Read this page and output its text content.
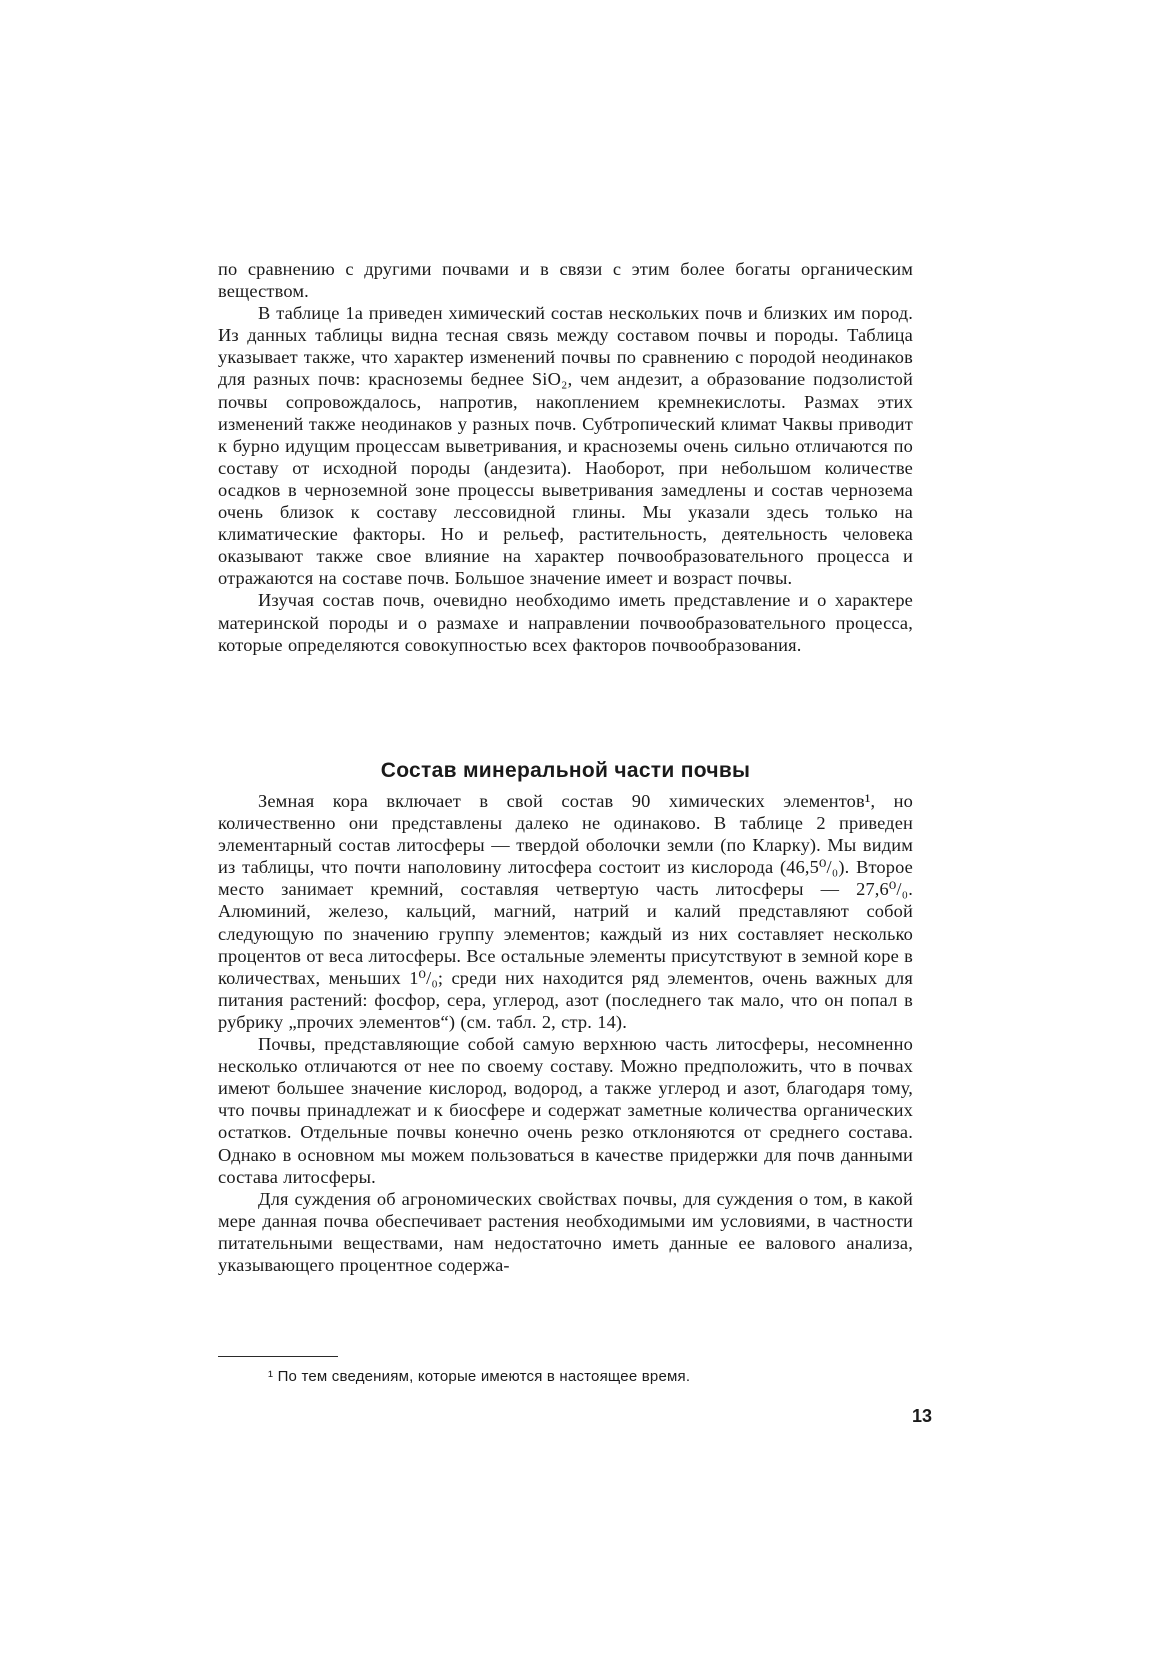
по сравнению с другими почвами и в связи с этим более богаты органическим веществом.

В таблице 1а приведен химический состав нескольких почв и близких им пород. Из данных таблицы видна тесная связь между составом почвы и породы. Таблица указывает также, что характер изменений почвы по сравнению с породой неодинаков для разных почв: красноземы беднее SiO₂, чем андезит, а образование подзолистой почвы сопровождалось, напротив, накоплением кремнекислоты. Размах этих изменений также неодинаков у разных почв. Субтропический климат Чаквы приводит к бурно идущим процессам выветривания, и красноземы очень сильно отличаются по составу от исходной породы (андезита). Наоборот, при небольшом количестве осадков в черноземной зоне процессы выветривания замедлены и состав чернозема очень близок к составу лессовидной глины. Мы указали здесь только на климатические факторы. Но и рельеф, растительность, деятельность человека оказывают также свое влияние на характер почвообразовательного процесса и отражаются на составе почв. Большое значение имеет и возраст почвы.

Изучая состав почв, очевидно необходимо иметь представление и о характере материнской породы и о размахе и направлении почвообразовательного процесса, которые определяются совокупностью всех факторов почвообразования.

Состав минеральной части почвы

Земная кора включает в свой состав 90 химических элементов¹, но количественно они представлены далеко не одинаково. В таблице 2 приведен элементарный состав литосферы — твердой оболочки земли (по Кларку). Мы видим из таблицы, что почти наполовину литосфера состоит из кислорода (46,5⁰/₀). Второе место занимает кремний, составляя четвертую часть литосферы — 27,6⁰/₀. Алюминий, железо, кальций, магний, натрий и калий представляют собой следующую по значению группу элементов; каждый из них составляет несколько процентов от веса литосферы. Все остальные элементы присутствуют в земной коре в количествах, меньших 1⁰/₀; среди них находится ряд элементов, очень важных для питания растений: фосфор, сера, углерод, азот (последнего так мало, что он попал в рубрику „прочих элементов“) (см. табл. 2, стр. 14).

Почвы, представляющие собой самую верхнюю часть литосферы, несомненно несколько отличаются от нее по своему составу. Можно предположить, что в почвах имеют большее значение кислород, водород, а также углерод и азот, благодаря тому, что почвы принадлежат и к биосфере и содержат заметные количества органических остатков. Отдельные почвы конечно очень резко отклоняются от среднего состава. Однако в основном мы можем пользоваться в качестве придержки для почв данными состава литосферы.

Для суждения об агрономических свойствах почвы, для суждения о том, в какой мере данная почва обеспечивает растения необходимыми им условиями, в частности питательными веществами, нам недостаточно иметь данные ее валового анализа, указывающего процентное содержа-

¹ По тем сведениям, которые имеются в настоящее время.
13
